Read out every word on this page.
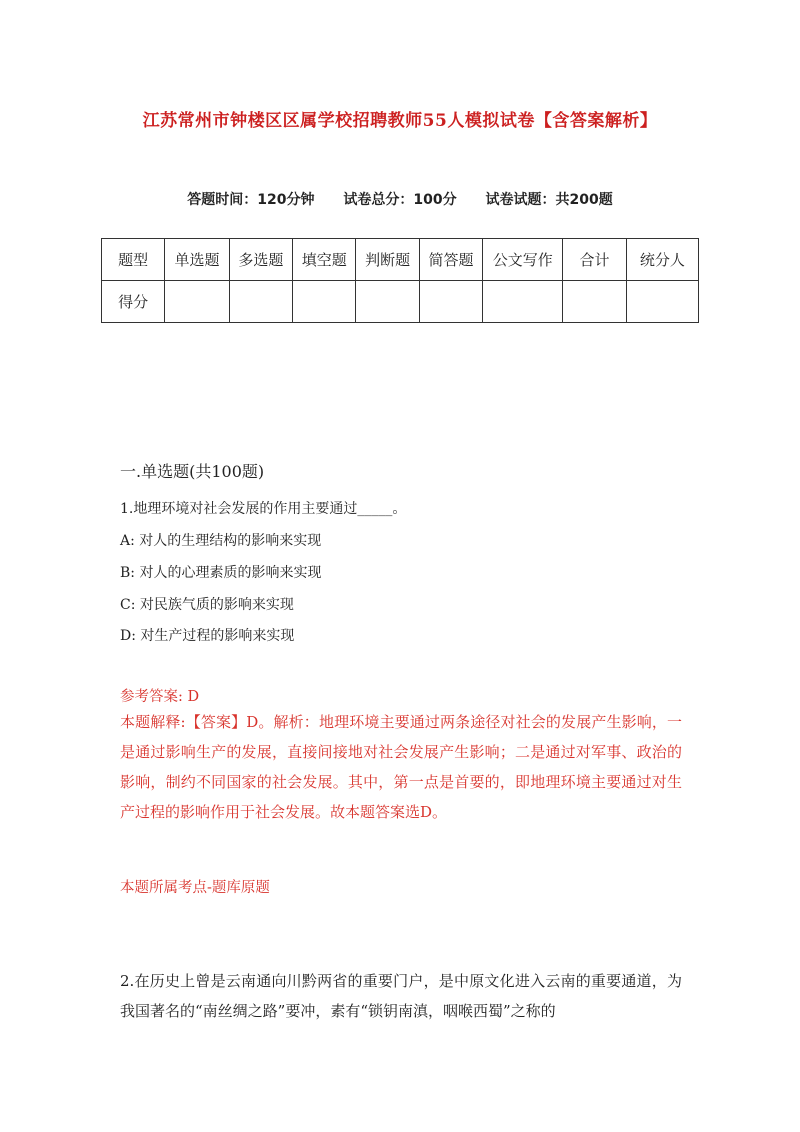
江苏常州市钟楼区区属学校招聘教师55人模拟试卷【含答案解析】
答题时间：120分钟 试卷总分：100分 试卷试题：共200题
题型	单选题	多选题	填空题	判断题	简答题	公文写作	合计	统分人
得分								
一.单选题(共100题)
1.地理环境对社会发展的作用主要通过_____。
A: 对人的生理结构的影响来实现
B: 对人的心理素质的影响来实现
C: 对民族气质的影响来实现
D: 对生产过程的影响来实现
参考答案: D
本题解释:【答案】D。解析：地理环境主要通过两条途径对社会的发展产生影响，一是通过影响生产的发展，直接间接地对社会发展产生影响；二是通过对军事、政治的影响，制约不同国家的社会发展。其中，第一点是首要的，即地理环境主要通过对生产过程的影响作用于社会发展。故本题答案选D。
本题所属考点-题库原题
2.在历史上曾是云南通向川黔两省的重要门户，是中原文化进入云南的重要通道，为我国著名的“南丝绸之路”要冲，素有“锁钥南滇，咽喉西蜀”之称的
